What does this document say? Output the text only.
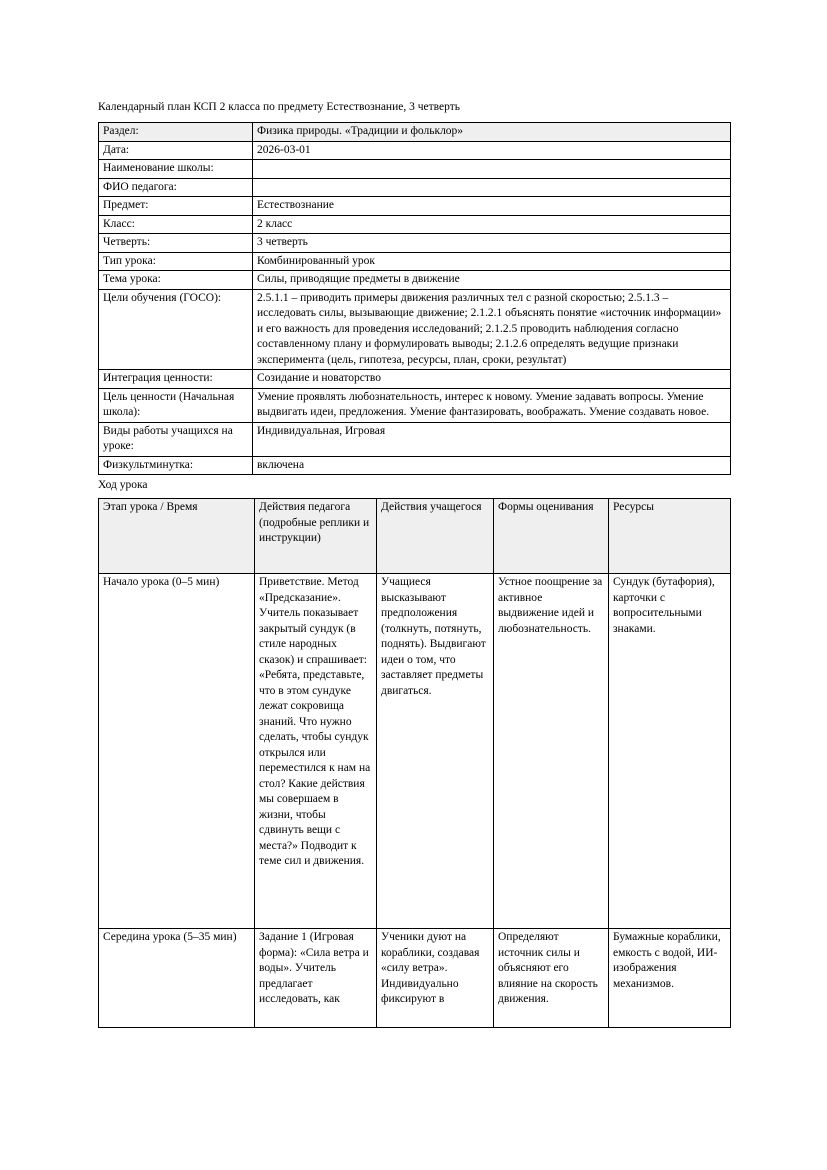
Календарный план КСП 2 класса по предмету Естествознание, 3 четверть
Раздел:	Физика природы. «Традиции и фольклор»
Дата:	2026-03-01
Наименование школы:	
ФИО педагога:	
Предмет:	Естествознание
Класс:	2 класс
Четверть:	3 четверть
Тип урока:	Комбинированный урок
Тема урока:	Силы, приводящие предметы в движение
Цели обучения (ГОСО):	2.5.1.1 – приводить примеры движения различных тел с разной скоростью; 2.5.1.3 – исследовать силы, вызывающие движение; 2.1.2.1 объяснять понятие «источник информации» и его важность для проведения исследований; 2.1.2.5 проводить наблюдения согласно составленному плану и формулировать выводы; 2.1.2.6 определять ведущие признаки эксперимента (цель, гипотеза, ресурсы, план, сроки, результат)
Интеграция ценности:	Созидание и новаторство
Цель ценности (Начальная школа):	Умение проявлять любознательность, интерес к новому. Умение задавать вопросы. Умение выдвигать идеи, предложения. Умение фантазировать, воображать. Умение создавать новое.
Виды работы учащихся на уроке:	Индивидуальная, Игровая
Физкультминутка:	включена
Ход урока
Этап урока / Время	Действия педагога (подробные реплики и инструкции)	Действия учащегося	Формы оценивания	Ресурсы
Начало урока (0–5 мин)	Приветствие. Метод «Предсказание». Учитель показывает закрытый сундук (в стиле народных сказок) и спрашивает: «Ребята, представьте, что в этом сундуке лежат сокровища знаний. Что нужно сделать, чтобы сундук открылся или переместился к нам на стол? Какие действия мы совершаем в жизни, чтобы сдвинуть вещи с места?» Подводит к теме сил и движения.	Учащиеся высказывают предположения (толкнуть, потянуть, поднять). Выдвигают идеи о том, что заставляет предметы двигаться.	Устное поощрение за активное выдвижение идей и любознательность.	Сундук (бутафория), карточки с вопросительными знаками.
Середина урока (5–35 мин)	Задание 1 (Игровая форма): «Сила ветра и воды». Учитель предлагает исследовать, как	Ученики дуют на кораблики, создавая «силу ветра». Индивидуально фиксируют в	Определяют источник силы и объясняют его влияние на скорость движения.	Бумажные кораблики, емкость с водой, ИИ-изображения механизмов.
